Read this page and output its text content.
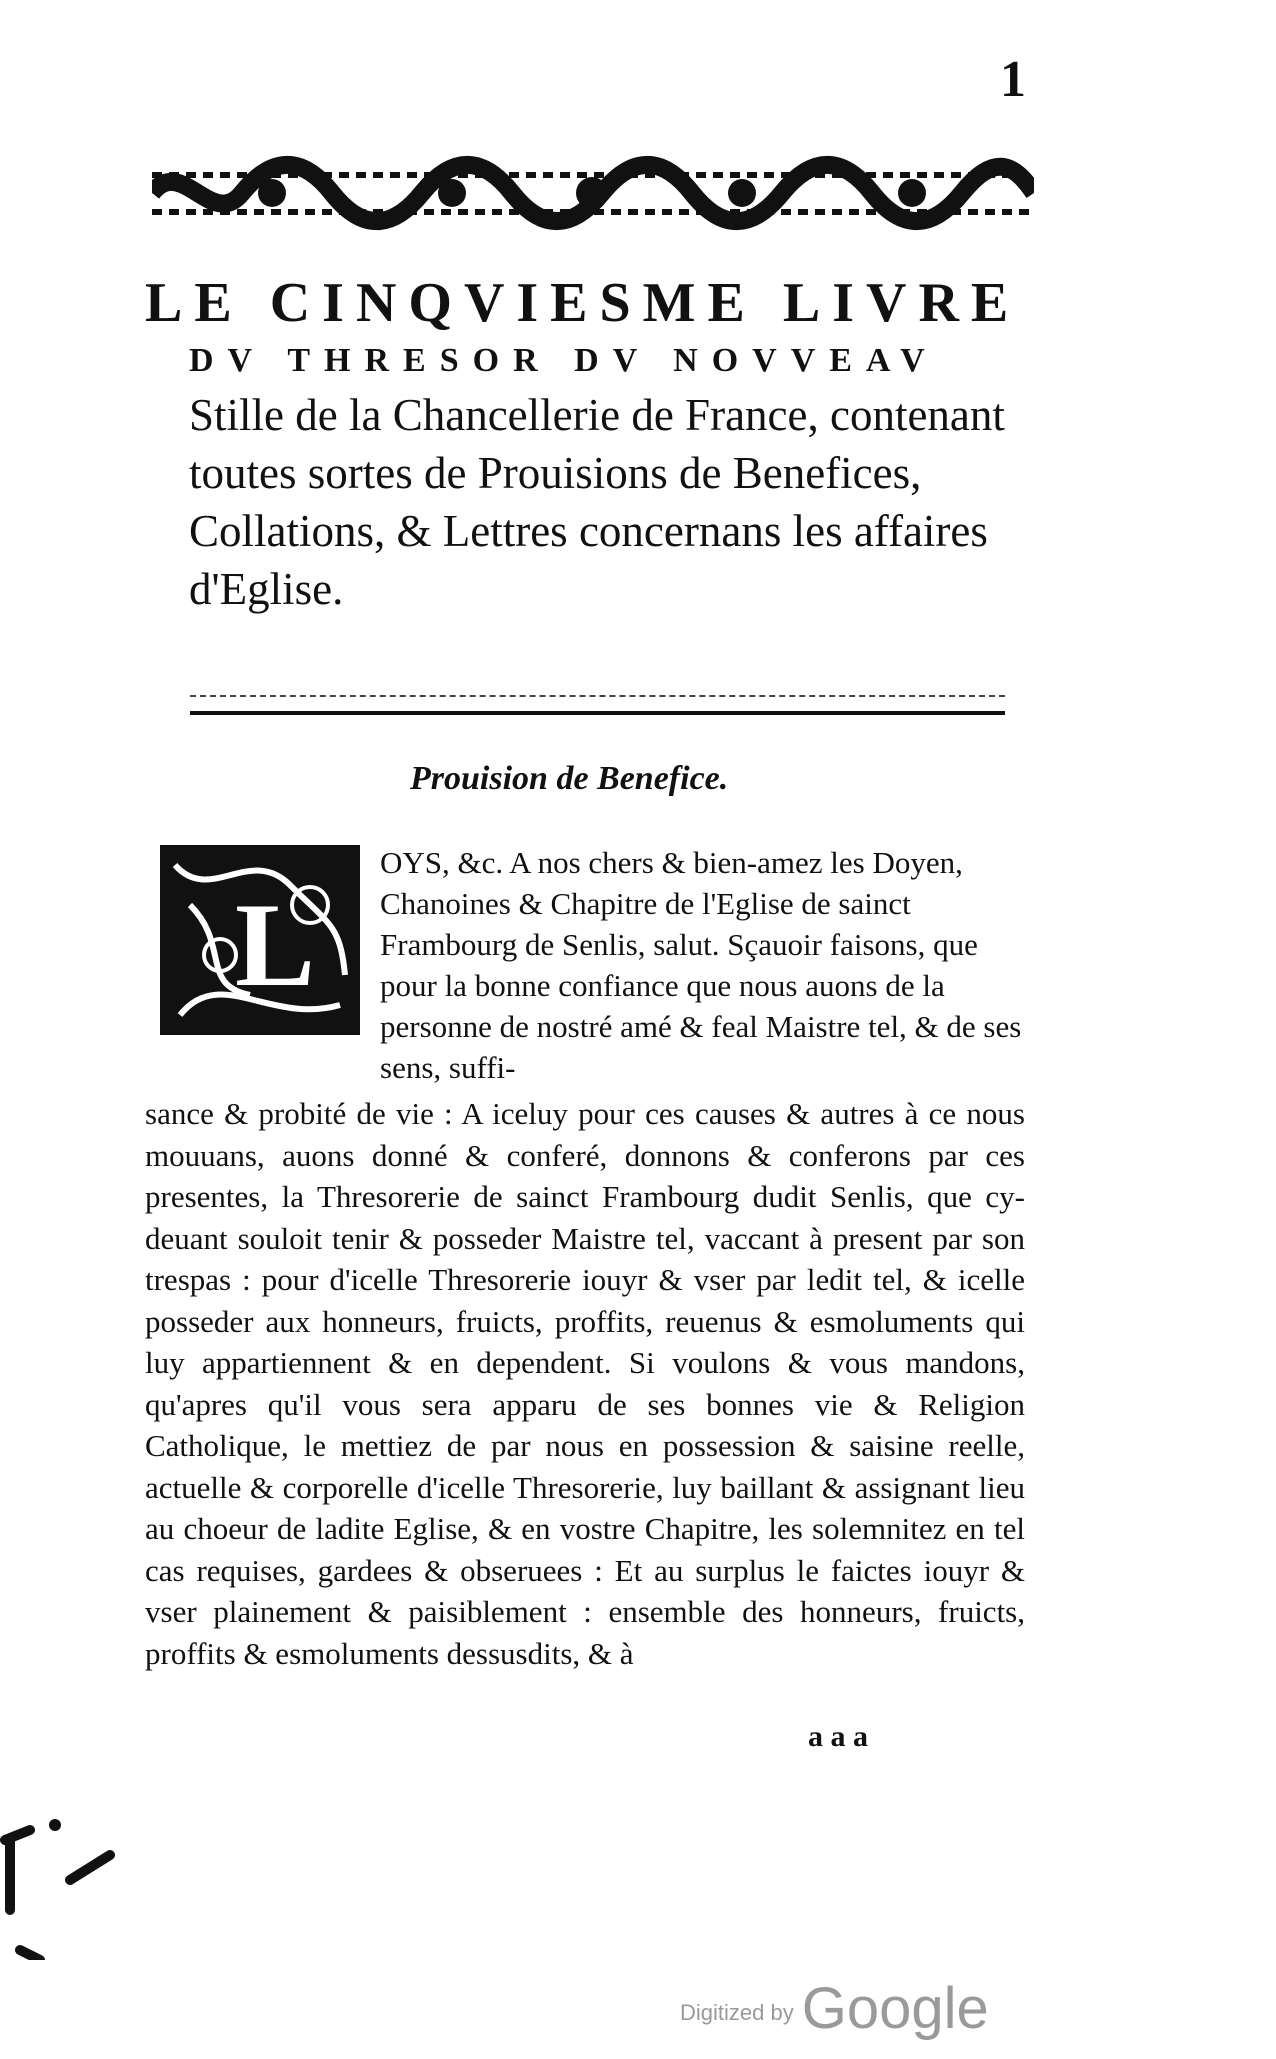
1

LE CINQVIESME LIVRE

DV THRESOR DV NOVVEAV

Stille de la Chancellerie de France, contenant toutes sortes de Prouisions de Benefices, Collations, & Lettres concernans les affaires d'Eglise.

Prouision de Benefice.
L

OYS, &c. A nos chers & bien-amez les Doyen, Chanoines & Chapitre de l'Eglise de sainct Frambourg de Senlis, salut. Sçauoir faisons, que pour la bonne confiance que nous auons de la personne de nostré amé & feal Maistre tel, & de ses sens, suffi-

sance & probité de vie : A iceluy pour ces causes & autres à ce nous mouuans, auons donné & conferé, donnons & conferons par ces presentes, la Thresorerie de sainct Frambourg dudit Senlis, que cy-deuant souloit tenir & posseder Maistre tel, vaccant à present par son trespas : pour d'icelle Thresorerie iouyr & vser par ledit tel, & icelle posseder aux honneurs, fruicts, proffits, reuenus & esmoluments qui luy appartiennent & en dependent. Si voulons & vous mandons, qu'apres qu'il vous sera apparu de ses bonnes vie & Religion Catholique, le mettiez de par nous en possession & saisine reelle, actuelle & corporelle d'icelle Thresorerie, luy baillant & assignant lieu au choeur de ladite Eglise, & en vostre Chapitre, les solemnitez en tel cas requises, gardees & obseruees : Et au surplus le faictes iouyr & vser plainement & paisiblement : ensemble des honneurs, fruicts, proffits & esmoluments dessusdits, & à

a a a
Digitized by Google
